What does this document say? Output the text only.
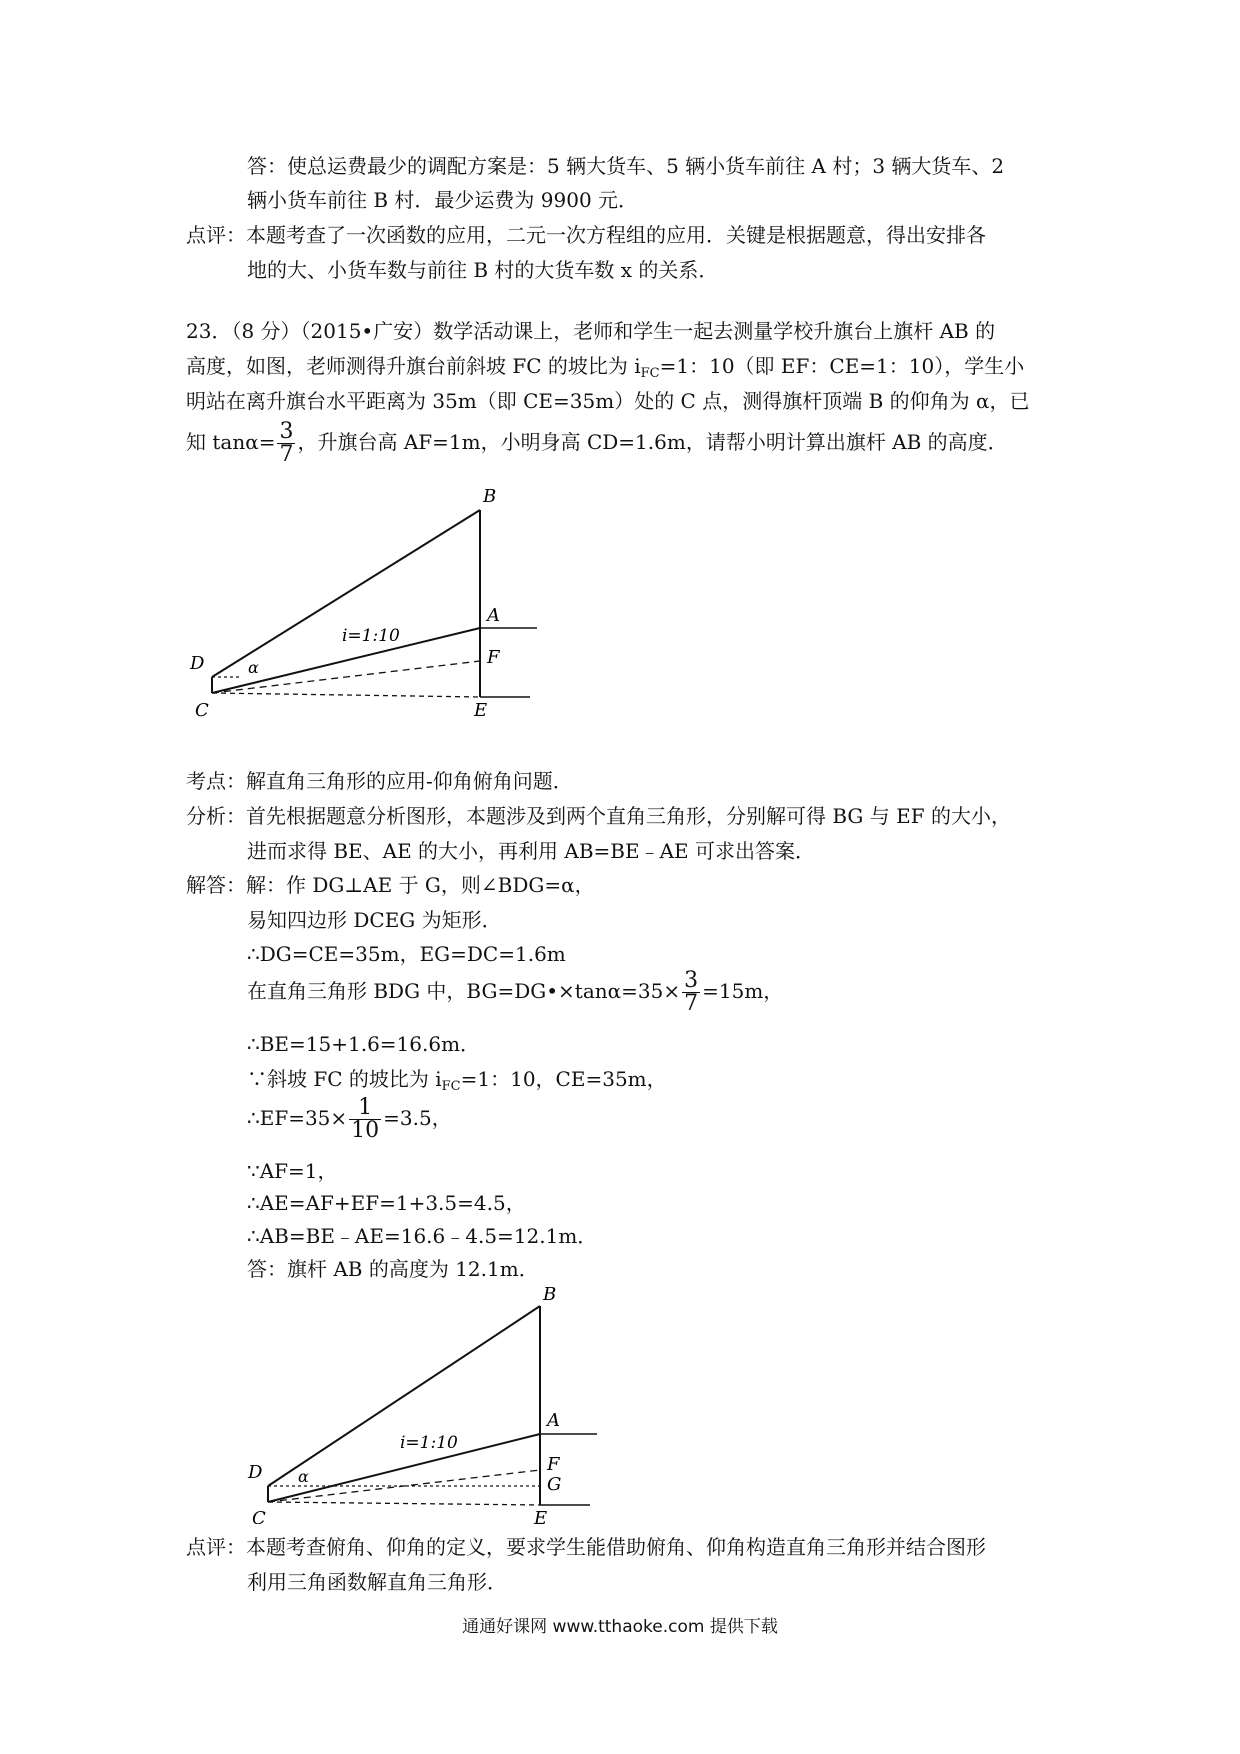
答：使总运费最少的调配方案是：5 辆大货车、5 辆小货车前往 A 村；3 辆大货车、2
辆小货车前往 B 村．最少运费为 9900 元．
点评：本题考查了一次函数的应用，二元一次方程组的应用．关键是根据题意，得出安排各
地的大、小货车数与前往 B 村的大货车数 x 的关系．
23．（8 分）（2015•广安）数学活动课上，老师和学生一起去测量学校升旗台上旗杆 AB 的
高度，如图，老师测得升旗台前斜坡 FC 的坡比为 $i_{FC}=1$：10（即 EF：CE=1：10），学生小
明站在离升旗台水平距离为 35m（即 CE=35m）处的 C 点，测得旗杆顶端 B 的仰角为 α，已
知 $\tan\alpha= \frac{3}{7}$ ，升旗台高 AF=1m，小明身高 CD=1.6m，请帮小明计算出旗杆 AB 的高度．
B
A
F
E
D
C
α
i=1:10
考点：解直角三角形的应用-仰角俯角问题．
分析：首先根据题意分析图形，本题涉及到两个直角三角形，分别解可得 BG 与 EF 的大小，
进而求得 BE、AE 的大小，再利用 AB=BE﹣AE 可求出答案．
解答：解：作 DG⊥AE 于 G，则∠BDG=α，
易知四边形 DCEG 为矩形．
∴DG=CE=35m，EG=DC=1.6m
在直角三角形 BDG 中，BG=DG•×tanα=35× $\frac{3}{7} =15m$，
∴BE=15+1.6=16.6m．
∵斜坡 FC 的坡比为 $i_{FC}=1$：10，CE=35m，
∴EF=35× $\frac{1}{10} =3.5$，
∵AF=1，
∴AE=AF+EF=1+3.5=4.5，
∴AB=BE﹣AE=16.6﹣4.5=12.1m．
答：旗杆 AB 的高度为 12.1m．
B
A
F
G
E
D
C
α
i=1:10
点评：本题考查俯角、仰角的定义，要求学生能借助俯角、仰角构造直角三角形并结合图形
利用三角函数解直角三角形．
通通好课网 www.tthaoke.com 提供下载
